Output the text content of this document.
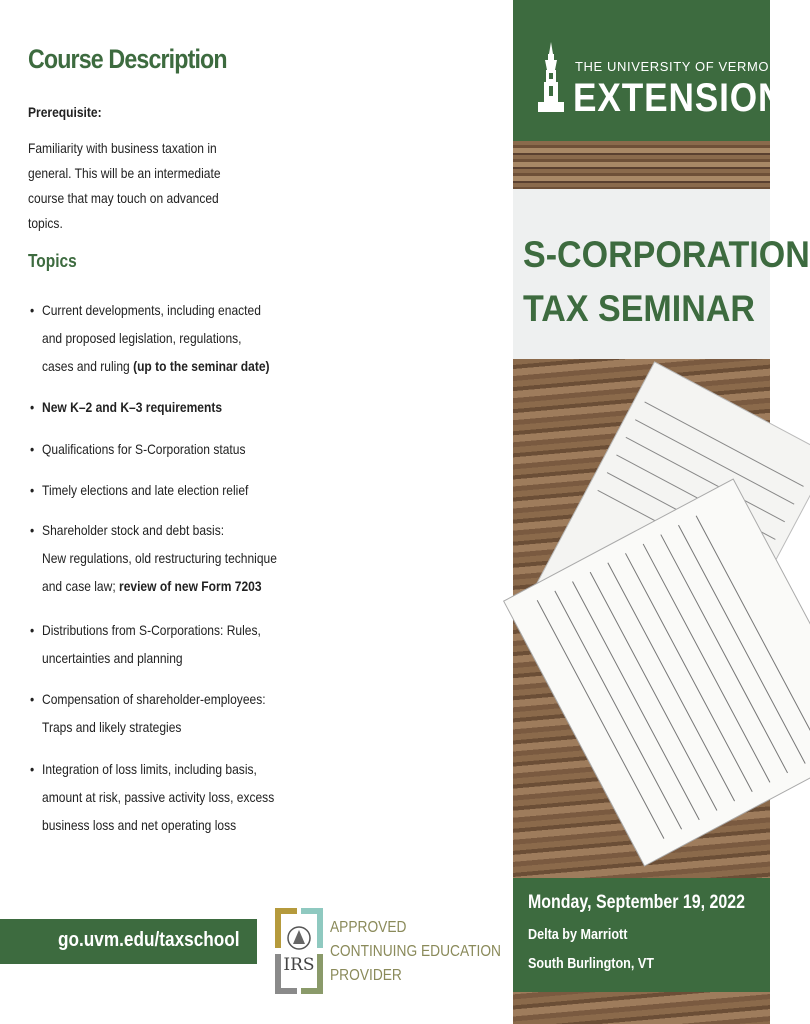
Course Description
Prerequisite:
Familiarity with business taxation in general. This will be an intermediate course that may touch on advanced topics.
Topics
• Current developments, including enacted
and proposed legislation, regulations,
cases and ruling (up to the seminar date)
• New K–2 and K–3 requirements
• Qualifications for S-Corporation status
• Timely elections and late election relief
• Shareholder stock and debt basis:
New regulations, old restructuring technique
and case law; review of new Form 7203
• Distributions from S-Corporations: Rules,
uncertainties and planning
• Compensation of shareholder-employees:
Traps and likely strategies
• Integration of loss limits, including basis,
amount at risk, passive activity loss, excess
business loss and net operating loss
go.uvm.edu/taxschool
IRS
APPROVED
CONTINUING EDUCATION
PROVIDER
THE UNIVERSITY OF VERMONT
EXTENSION
S-CORPORATION
TAX SEMINAR
Monday, September 19, 2022
Delta by Marriott
South Burlington, VT
